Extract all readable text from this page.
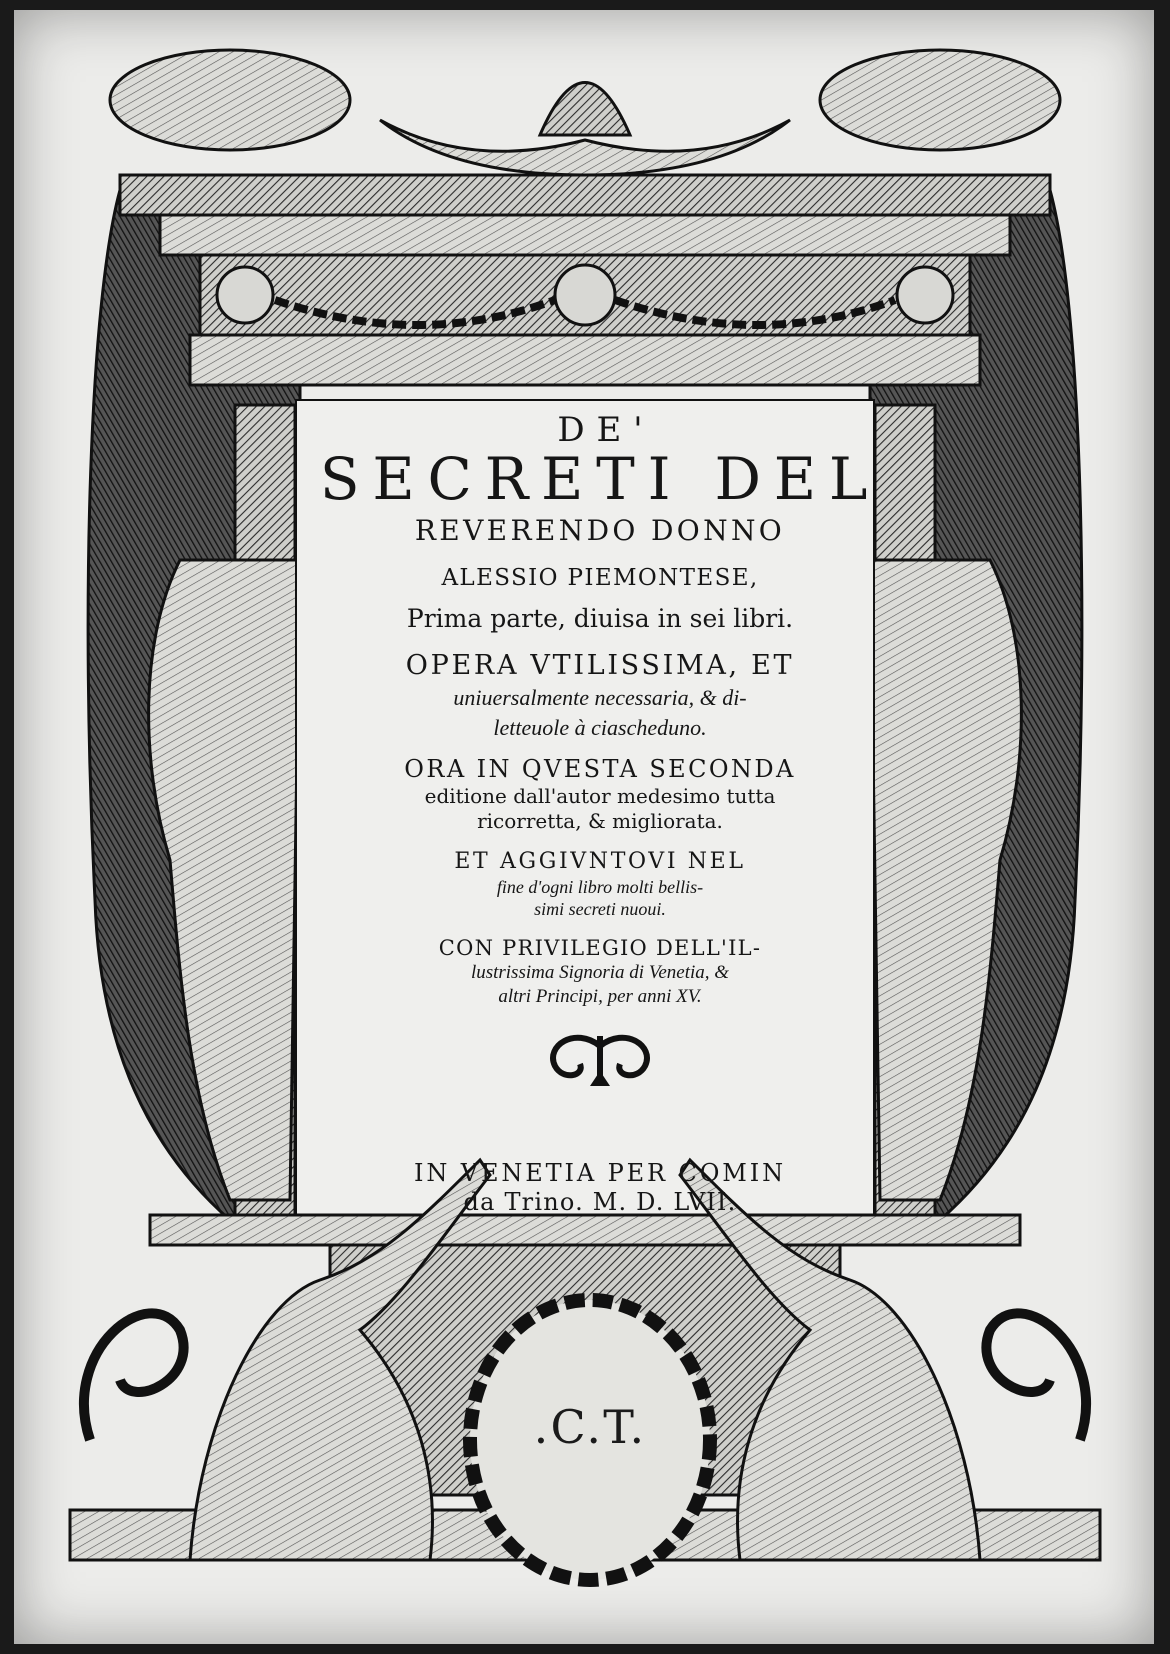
DE'
SECRETI DEL
REVERENDO DONNO
ALESSIO PIEMONTESE,
Prima parte, diuisa in sei libri.
OPERA VTILISSIMA, ET
uniuersalmente necessaria, & di-
letteuole à ciascheduno.
ORA IN QVESTA SECONDA
editione dall'autor medesimo tutta
ricorretta, & migliorata.
ET AGGIVNTOVI NEL
fine d'ogni libro molti bellis-
simi secreti nuoui.
CON PRIVILEGIO DELL'IL-
lustrissima Signoria di Venetia, &
altri Principi, per anni XV.
IN VENETIA PER COMIN
da Trino. M. D. LVII.
.C.T.
